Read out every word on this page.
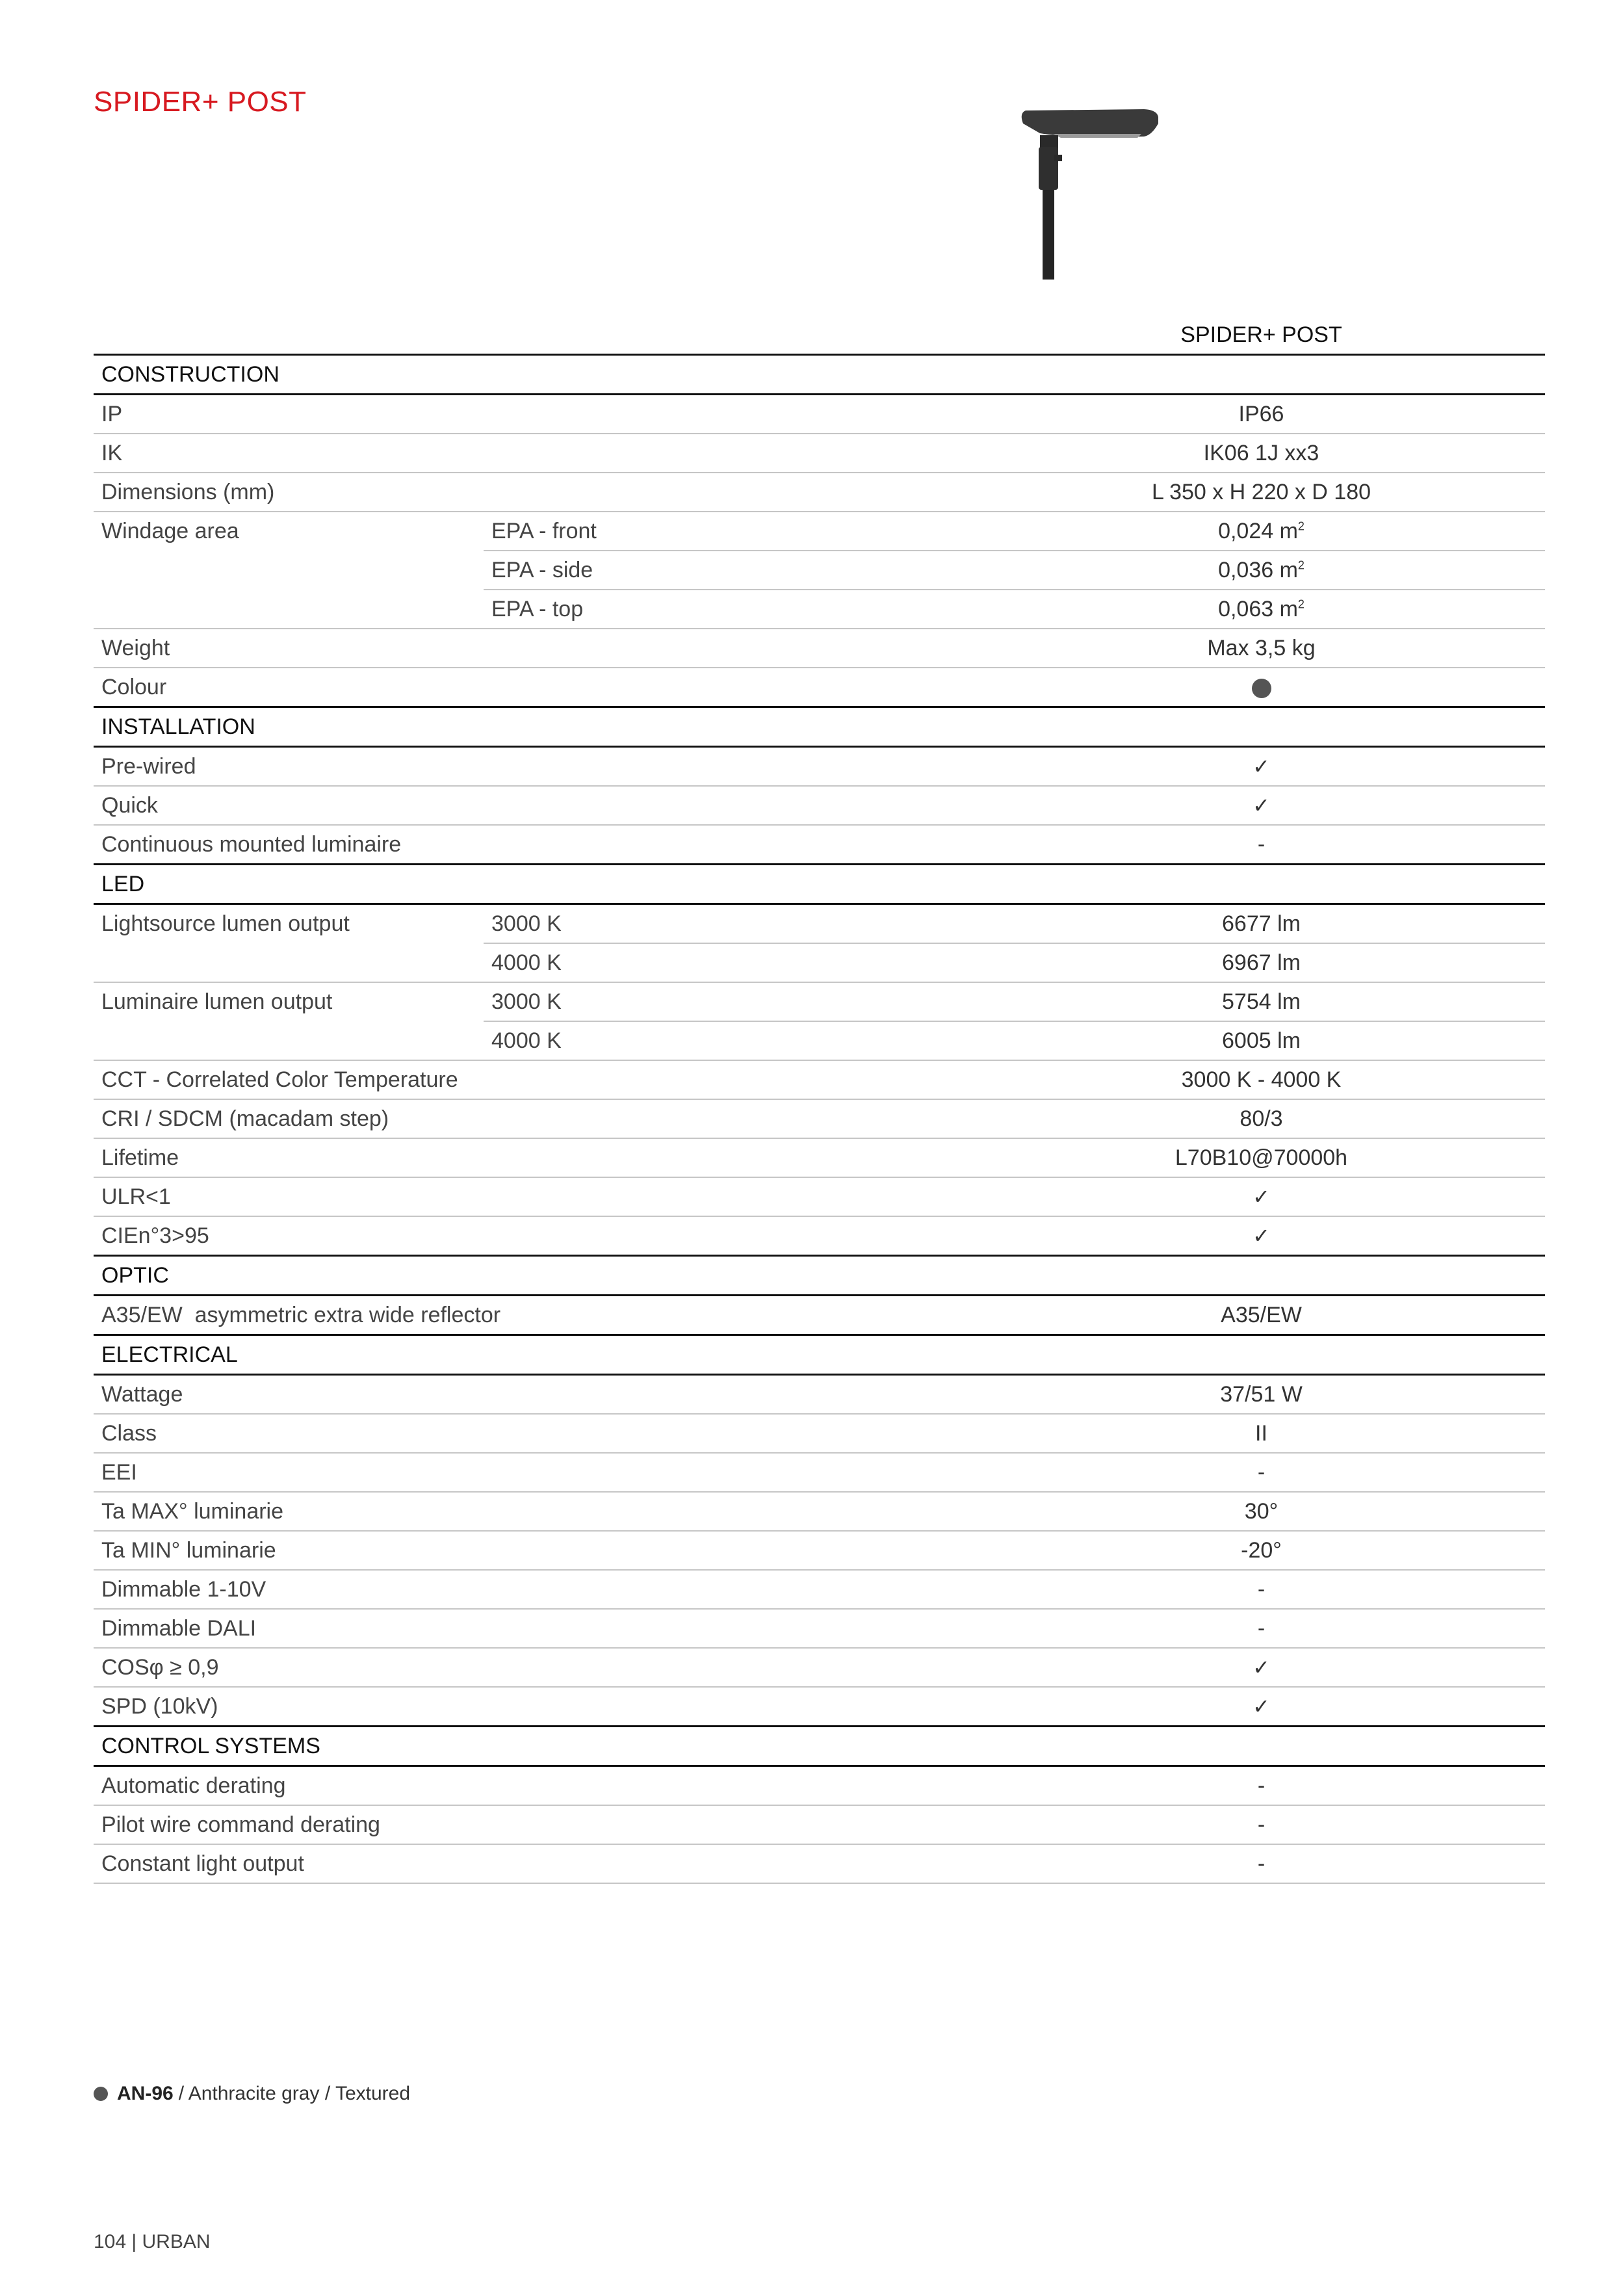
SPIDER+ POST
		SPIDER+ POST
CONSTRUCTION		
IP		IP66
IK		IK06 1J xx3
Dimensions (mm)		L 350 x H 220 x D 180
Windage area	EPA - front	0,024 $m^2$
	EPA - side	0,036 $m^2$
	EPA - top	0,063 $m^2$
Weight		Max 3,5 kg
Colour		
INSTALLATION		
Pre-wired		✓
Quick		✓
Continuous mounted luminaire		-
LED		
Lightsource lumen output	3000 K	6677 lm
	4000 K	6967 lm
Luminaire lumen output	3000 K	5754 lm
	4000 K	6005 lm
CCT - Correlated Color Temperature		3000 K - 4000 K
CRI / SDCM (macadam step)		80/3
Lifetime		L70B10@70000h
ULR<1		✓
CIEn°3>95		✓
OPTIC		
A35/EW  asymmetric extra wide reflector		A35/EW
ELECTRICAL		
Wattage		37/51 W
Class		II
EEI		-
Ta MAX° luminarie		30°
Ta MIN° luminarie		-20°
Dimmable 1-10V		-
Dimmable DALI		-
COSφ ≥ 0,9		✓
SPD (10kV)		✓
CONTROL SYSTEMS		
Automatic derating		-
Pilot wire command derating		-
Constant light output		-
AN-96 / Anthracite gray / Textured
104 | URBAN
